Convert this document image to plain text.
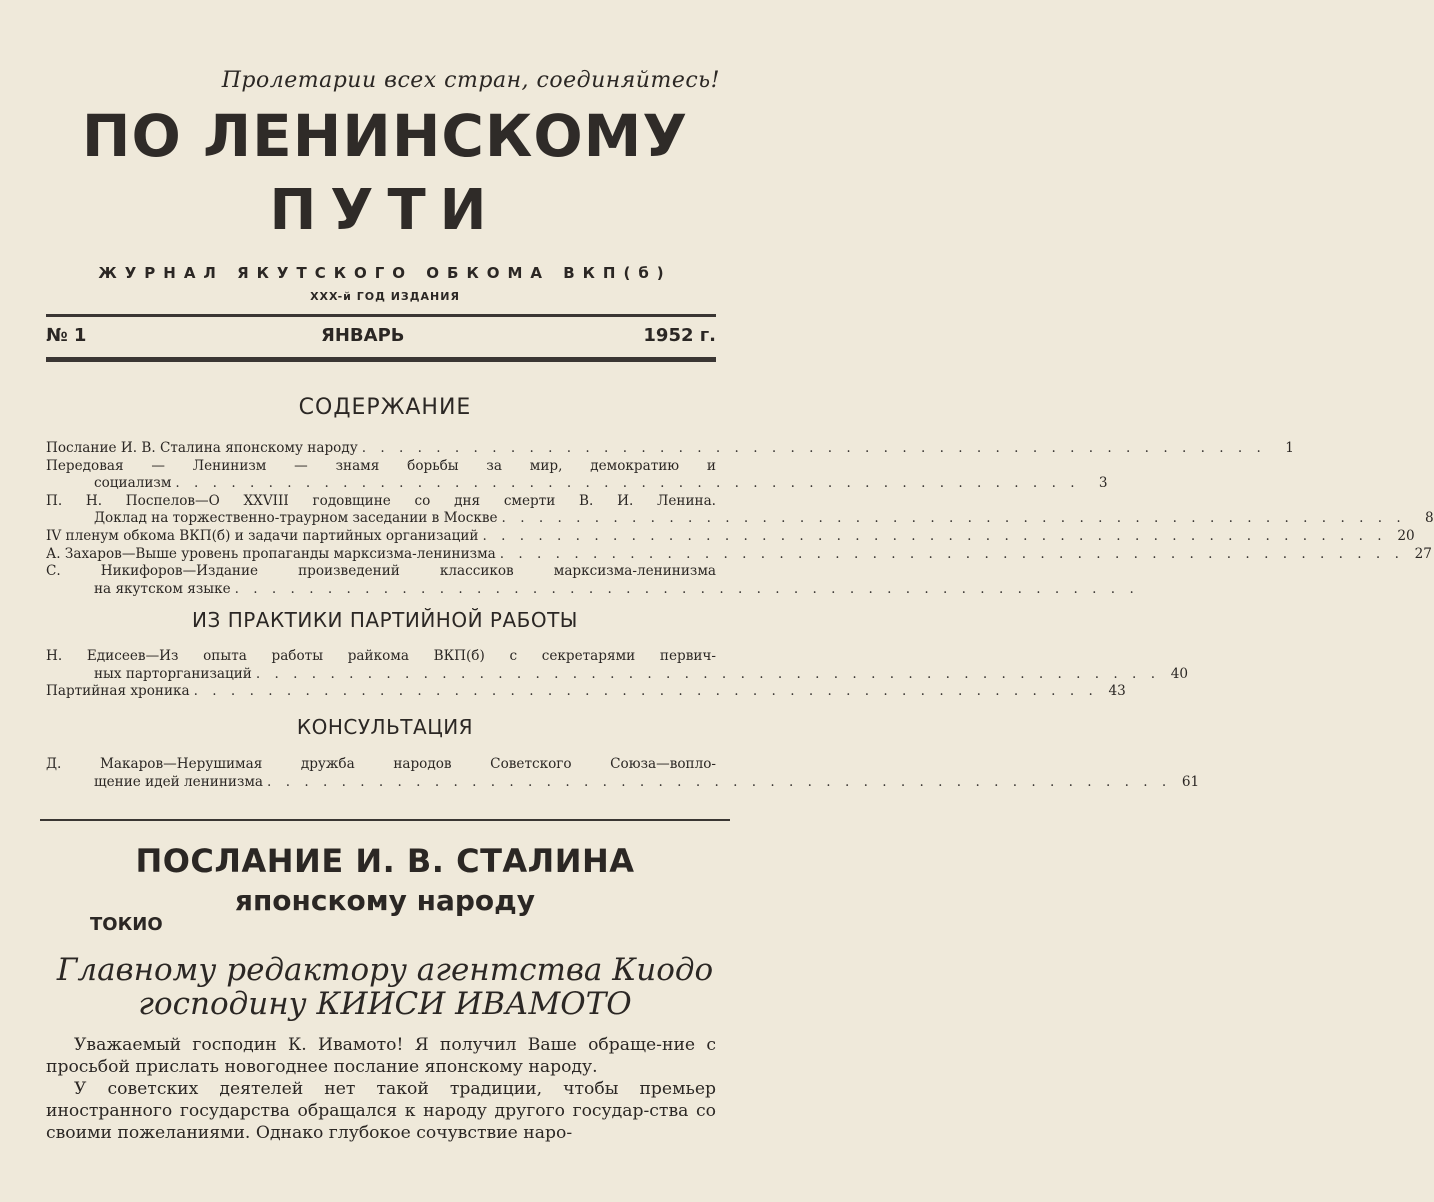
Пролетарии всех стран, соединяйтесь!
ПО ЛЕНИНСКОМУ
ПУТИ
ЖУРНАЛ ЯКУТСКОГО ОБКОМА ВКП(б)
XXX-й ГОД ИЗДАНИЯ
№ 1	ЯНВАРЬ	1952 г.
СОДЕРЖАНИЕ
Послание И. В. Сталина японскому народу . . . . . . . . . . . . . . . . . . . . . . . . . . . . . . . . . . . . . . . . . . . . . . . . .	1
Передовая — Ленинизм — знамя борьбы за мир, демократию и
социализм . . . . . . . . . . . . . . . . . . . . . . . . . . . . . . . . . . . . . . . . . . . . . . . . .	3
П. Н. Поспелов—О XXVIII годовщине со дня смерти В. И. Ленина.
Доклад на торжественно-траурном заседании в Москве . . . . . . . . . . . . . . . . . . . . . . . . . . . . . . . . . . . . . . . . . . . . . . . . .	8
IV пленум обкома ВКП(б) и задачи партийных организаций . . . . . . . . . . . . . . . . . . . . . . . . . . . . . . . . . . . . . . . . . . . . . . . . . 20
А. Захаров—Выше уровень пропаганды марксизма-ленинизма . . . . . . . . . . . . . . . . . . . . . . . . . . . . . . . . . . . . . . . . . . . . . . . . . 27
С. Никифоров—Издание произведений классиков марксизма-ленинизма
на якутском языке . . . . . . . . . . . . . . . . . . . . . . . . . . . . . . . . . . . . . . . . . . . . . . . . .
ИЗ ПРАКТИКИ ПАРТИЙНОЙ РАБОТЫ
Н. Едисеев—Из опыта работы райкома ВКП(б) с секретарями первич-
ных парторганизаций . . . . . . . . . . . . . . . . . . . . . . . . . . . . . . . . . . . . . . . . . . . . . . . . . 40
Партийная хроника . . . . . . . . . . . . . . . . . . . . . . . . . . . . . . . . . . . . . . . . . . . . . . . . . 43
КОНСУЛЬТАЦИЯ
Д. Макаров—Нерушимая дружба народов Советского Союза—вопло-
щение идей ленинизма . . . . . . . . . . . . . . . . . . . . . . . . . . . . . . . . . . . . . . . . . . . . . . . . . 61
ПОСЛАНИЕ И. В. СТАЛИНА
японскому народу
ТОКИО
Главному редактору агентства Киодо
господину КИИСИ ИВАМОТО

Уважаемый господин К. Ивамото! Я получил Ваше обраще-ние с просьбой прислать новогоднее послание японскому народу.

У советских деятелей нет такой традиции, чтобы премьер иностранного государства обращался к народу другого государ-ства со своими пожеланиями. Однако глубокое сочувствие наро-
